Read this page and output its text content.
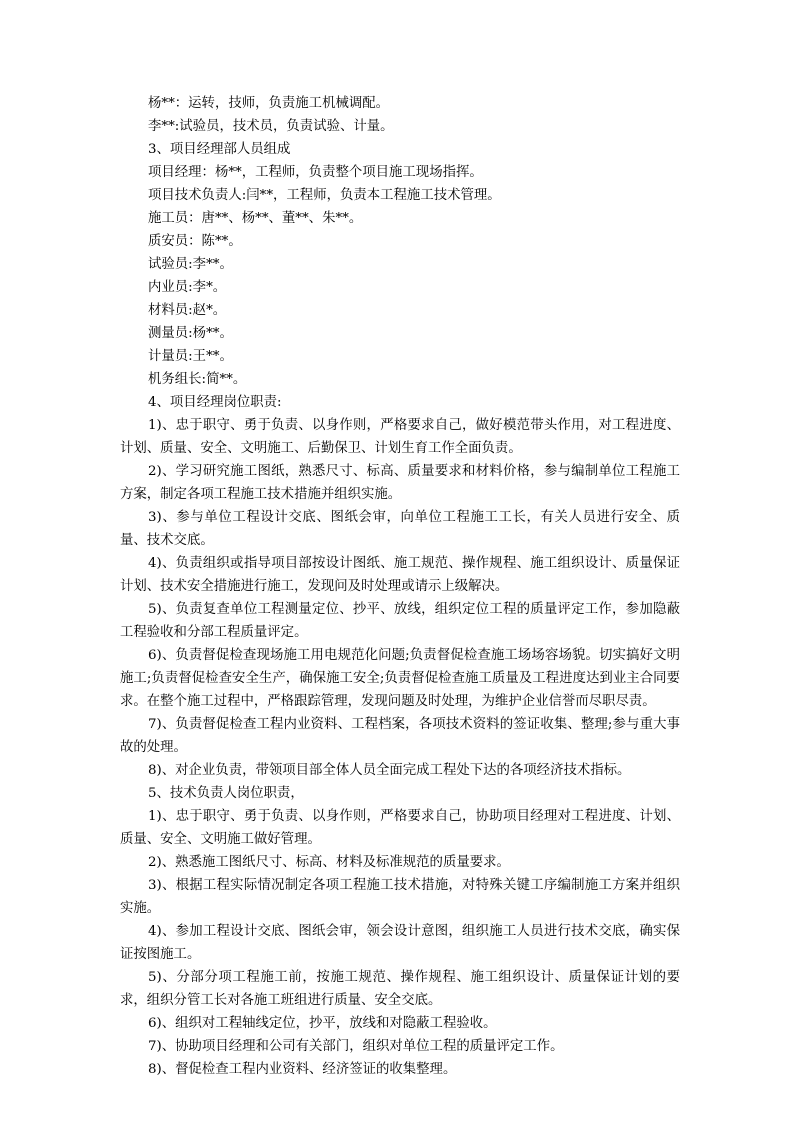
杨**：运转，技师，负责施工机械调配。

李**:试验员，技术员，负责试验、计量。

3、项目经理部人员组成

项目经理：杨**，工程师，负责整个项目施工现场指挥。

项目技术负责人:闫**，工程师，负责本工程施工技术管理。

施工员：唐**、杨**、董**、朱**。

质安员：陈**。

试验员:李**。

内业员:李*。

材料员:赵*。

测量员:杨**。

计量员:王**。

机务组长:简**。

4、项目经理岗位职责:

1)、忠于职守、勇于负责、以身作则，严格要求自己，做好模范带头作用，对工程进度、计划、质量、安全、文明施工、后勤保卫、计划生育工作全面负责。

2)、学习研究施工图纸，熟悉尺寸、标高、质量要求和材料价格，参与编制单位工程施工方案，制定各项工程施工技术措施并组织实施。

3)、参与单位工程设计交底、图纸会审，向单位工程施工工长，有关人员进行安全、质量、技术交底。

4)、负责组织或指导项目部按设计图纸、施工规范、操作规程、施工组织设计、质量保证计划、技术安全措施进行施工，发现问及时处理或请示上级解决。

5)、负责复查单位工程测量定位、抄平、放线，组织定位工程的质量评定工作，参加隐蔽工程验收和分部工程质量评定。

6)、负责督促检查现场施工用电规范化问题;负责督促检查施工场场容场貌。切实搞好文明施工;负责督促检查安全生产，确保施工安全;负责督促检查施工质量及工程进度达到业主合同要求。在整个施工过程中，严格跟踪管理，发现问题及时处理，为维护企业信誉而尽职尽责。

7)、负责督促检查工程内业资料、工程档案，各项技术资料的签证收集、整理;参与重大事故的处理。

8)、对企业负责，带领项目部全体人员全面完成工程处下达的各项经济技术指标。

5、技术负责人岗位职责，

1)、忠于职守、勇于负责、以身作则，严格要求自己，协助项目经理对工程进度、计划、质量、安全、文明施工做好管理。

2)、熟悉施工图纸尺寸、标高、材料及标准规范的质量要求。

3)、根据工程实际情况制定各项工程施工技术措施，对特殊关键工序编制施工方案并组织实施。

4)、参加工程设计交底、图纸会审，领会设计意图，组织施工人员进行技术交底，确实保证按图施工。

5)、分部分项工程施工前，按施工规范、操作规程、施工组织设计、质量保证计划的要求，组织分管工长对各施工班组进行质量、安全交底。

6)、组织对工程轴线定位，抄平，放线和对隐蔽工程验收。

7)、协助项目经理和公司有关部门，组织对单位工程的质量评定工作。

8)、督促检查工程内业资料、经济签证的收集整理。
